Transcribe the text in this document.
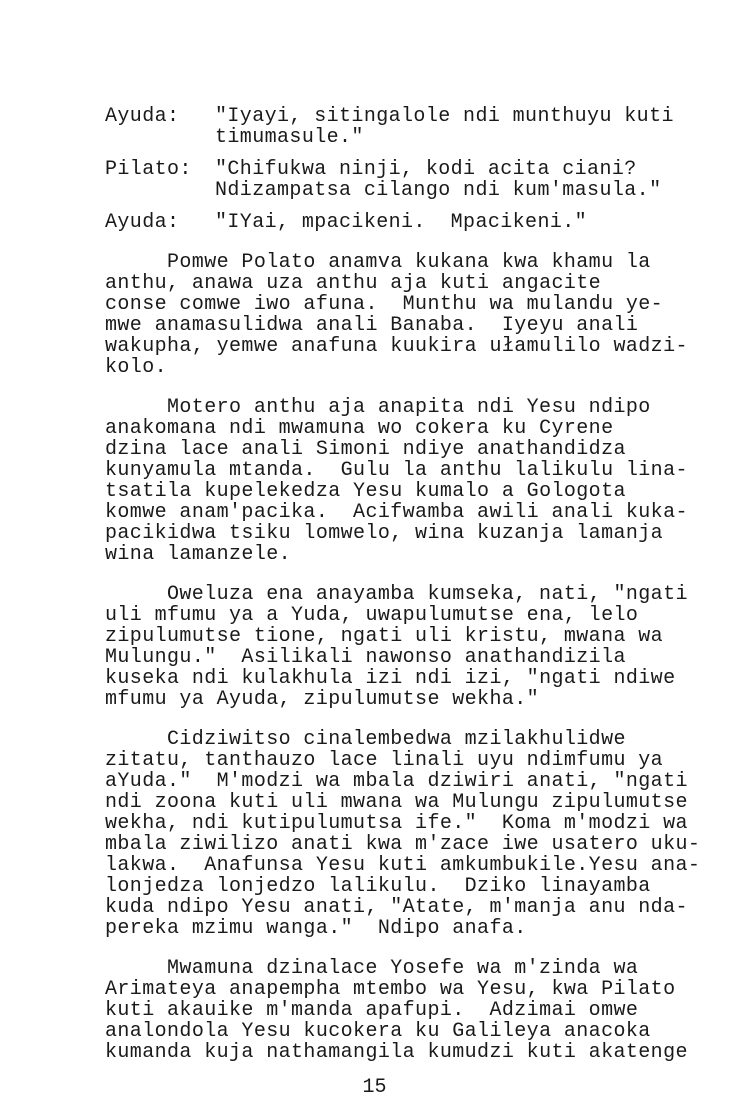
Ayuda:	"Iyayi, sitingalole ndi munthuyu kuti
timumasule."
Pilato:	"Chifukwa ninji, kodi acita ciani?
Ndizampatsa cilango ndi kum'masula."
Ayuda:	"IYai, mpacikeni.  Mpacikeni."
Pomwe Polato anamva kukana kwa khamu la
anthu, anawa uza anthu aja kuti angacite
conse comwe iwo afuna.  Munthu wa mulandu ye-
mwe anamasulidwa anali Banaba.  Iyeyu anali
wakupha, yemwe anafuna kuukira ułamulilo wadzi-
kolo.
Motero anthu aja anapita ndi Yesu ndipo
anakomana ndi mwamuna wo cokera ku Cyrene
dzina lace anali Simoni ndiye anathandidza
kunyamula mtanda.  Gulu la anthu lalikulu lina-
tsatila kupelekedza Yesu kumalo a Gologota
komwe anam'pacika.  Acifwamba awili anali kuka-
pacikidwa tsiku lomwelo, wina kuzanja lamanja
wina lamanzele.
Oweluza ena anayamba kumseka, nati, "ngati
uli mfumu ya a Yuda, uwapulumutse ena, lelo
zipulumutse tione, ngati uli kristu, mwana wa
Mulungu."  Asilikali nawonso anathandizila
kuseka ndi kulakhula izi ndi izi, "ngati ndiwe
mfumu ya Ayuda, zipulumutse wekha."
Cidziwitso cinalembedwa mzilakhulidwe
zitatu, tanthauzo lace linali uyu ndimfumu ya
aYuda."  M'modzi wa mbala dziwiri anati, "ngati
ndi zoona kuti uli mwana wa Mulungu zipulumutse
wekha, ndi kutipulumutsa ife."  Koma m'modzi wa
mbala ziwilizo anati kwa m'zace iwe usatero uku-
lakwa.  Anafunsa Yesu kuti amkumbukile.Yesu ana-
lonjedza lonjedzo lalikulu.  Dziko linayamba
kuda ndipo Yesu anati, "Atate, m'manja anu nda-
pereka mzimu wanga."  Ndipo anafa.
Mwamuna dzinalace Yosefe wa m'zinda wa
Arimateya anapempha mtembo wa Yesu, kwa Pilato
kuti akauike m'manda apafupi.  Adzimai omwe
analondola Yesu kucokera ku Galileya anacoka
kumanda kuja nathamangila kumudzi kuti akatenge
15
